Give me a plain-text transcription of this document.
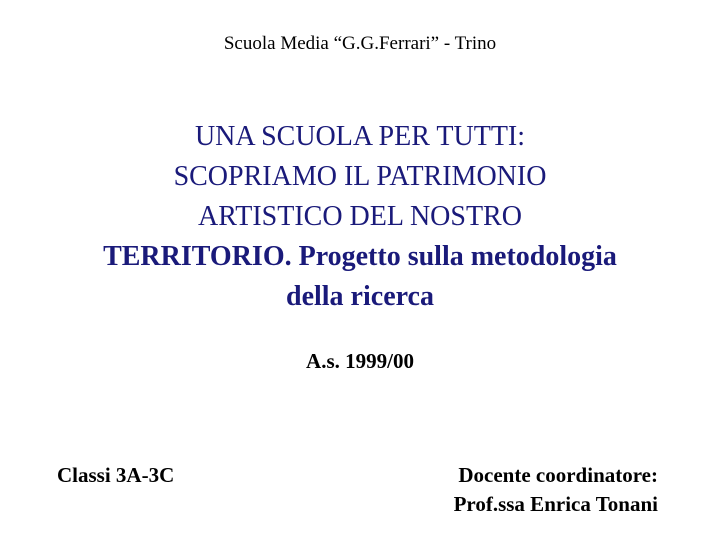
Scuola Media “G.G.Ferrari” - Trino
UNA SCUOLA PER TUTTI:
SCOPRIAMO IL PATRIMONIO
ARTISTICO DEL NOSTRO
TERRITORIO. Progetto sulla metodologia
della ricerca
A.s. 1999/00
Classi 3A-3C	Docente coordinatore:
Prof.ssa Enrica Tonani
